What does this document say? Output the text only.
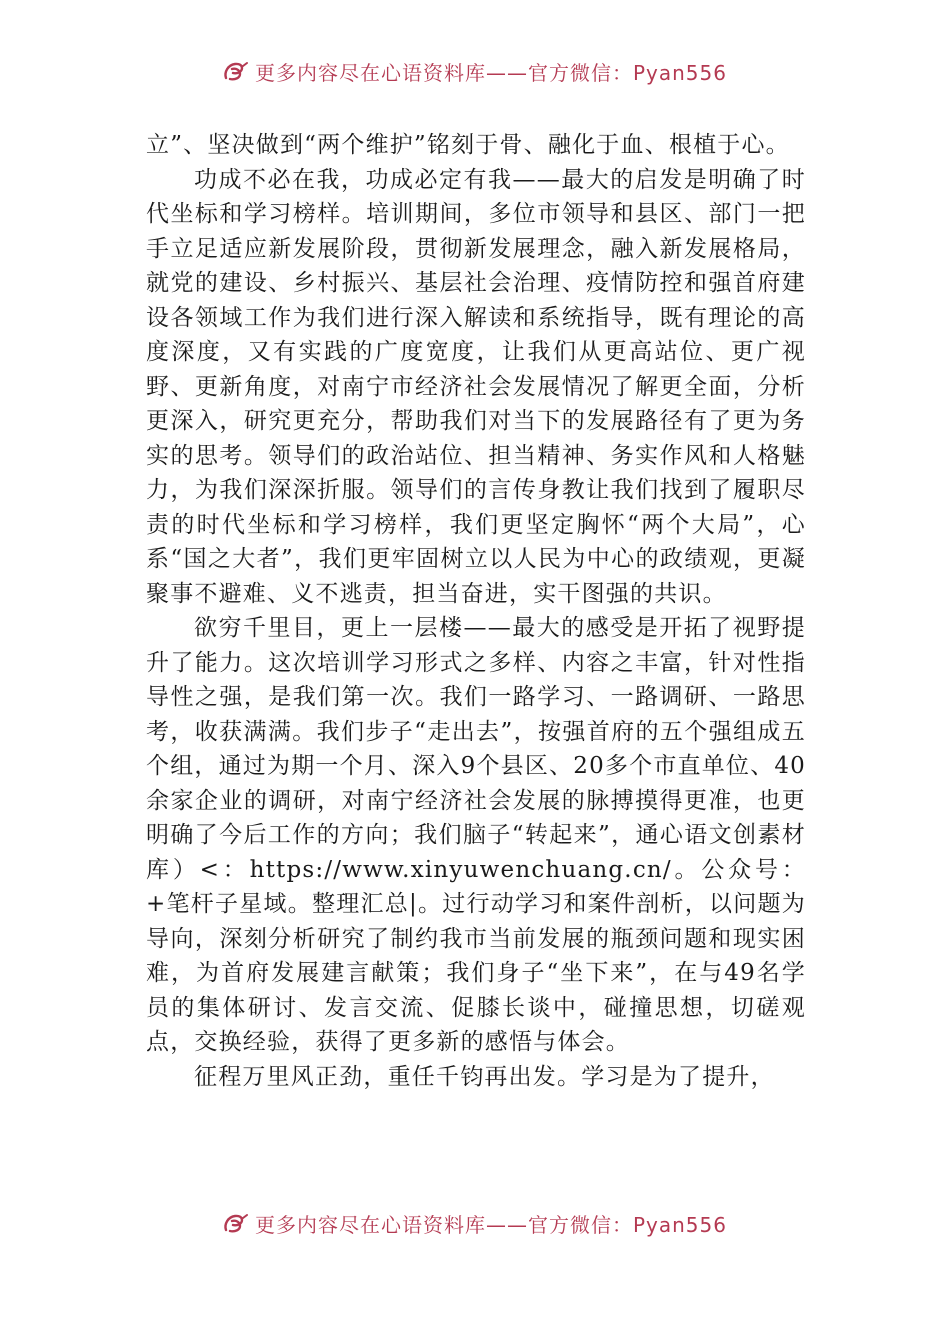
更多内容尽在心语资料库——官方微信：Pyan556

立”、坚决做到“两个维护”铭刻于骨、融化于血、根植于心。

功成不必在我，功成必定有我——最大的启发是明确了时代坐标和学习榜样。培训期间，多位市领导和县区、部门一把手立足适应新发展阶段，贯彻新发展理念，融入新发展格局，就党的建设、乡村振兴、基层社会治理、疫情防控和强首府建设各领域工作为我们进行深入解读和系统指导，既有理论的高度深度，又有实践的广度宽度，让我们从更高站位、更广视野、更新角度，对南宁市经济社会发展情况了解更全面，分析更深入，研究更充分，帮助我们对当下的发展路径有了更为务实的思考。领导们的政治站位、担当精神、务实作风和人格魅力，为我们深深折服。领导们的言传身教让我们找到了履职尽责的时代坐标和学习榜样，我们更坚定胸怀“两个大局”，心系“国之大者”，我们更牢固树立以人民为中心的政绩观，更凝聚事不避难、义不逃责，担当奋进，实干图强的共识。

欲穷千里目，更上一层楼——最大的感受是开拓了视野提升了能力。这次培训学习形式之多样、内容之丰富，针对性指导性之强，是我们第一次。我们一路学习、一路调研、一路思考，收获满满。我们步子“走出去”，按强首府的五个强组成五个组，通过为期一个月、深入9个县区、20多个市直单位、40余家企业的调研，对南宁经济社会发展的脉搏摸得更准，也更明确了今后工作的方向；我们脑子“转起来”，通心语文创素材库）<：https://www.xinyuwenchuang.cn/。公众号：+笔杆子星域。整理汇总|。过行动学习和案件剖析，以问题为导向，深刻分析研究了制约我市当前发展的瓶颈问题和现实困难，为首府发展建言献策；我们身子“坐下来”，在与49名学员的集体研讨、发言交流、促膝长谈中，碰撞思想，切磋观点，交换经验，获得了更多新的感悟与体会。

征程万里风正劲，重任千钧再出发。学习是为了提升，

更多内容尽在心语资料库——官方微信：Pyan556
